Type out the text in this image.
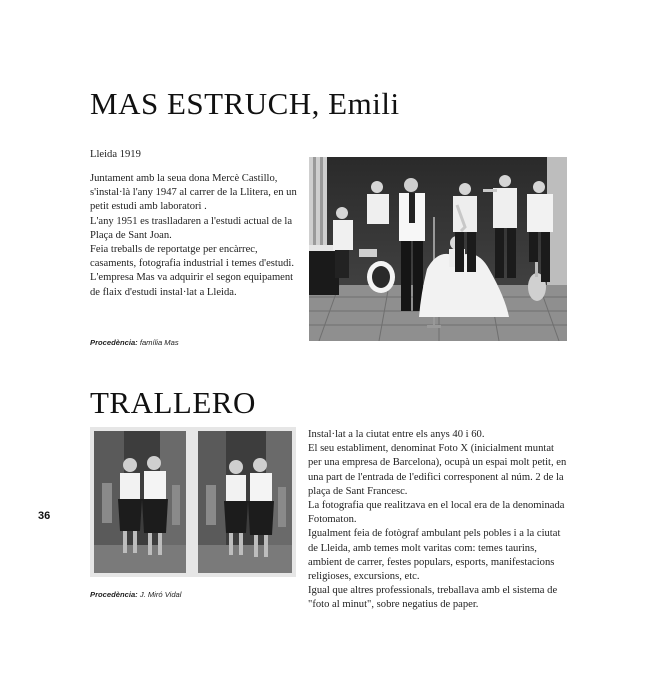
MAS ESTRUCH, Emili
Lleida 1919

Juntament amb la seua dona Mercè Castillo, s'instal·là l'any 1947 al carrer de la Llitera, en un petit estudi amb laboratori .

L'any 1951 es traslladaren a l'estudi actual de la Plaça de Sant Joan.

Feia treballs de reportatge per encàrrec, casaments, fotografia industrial i temes d'estudi.

L'empresa Mas va adquirir el segon equipament de flaix d'estudi instal·lat a Lleida.

Procedència: família Mas
TRALLERO

Instal·lat a la ciutat entre els anys 40 i 60.

El seu establiment, denominat Foto X (inicialment muntat per una empresa de Barcelona), ocupà un espai molt petit, en una part de l'entrada de l'edifici corresponent al núm. 2 de la plaça de Sant Francesc.

La fotografia que realitzava en el local era de la denominada Fotomaton.

Igualment feia de fotògraf ambulant pels pobles i a la ciutat de Lleida, amb temes molt varitas com: temes taurins, ambient de carrer, festes populars, esports, manifestacions religioses, excursions, etc.

Igual que altres professionals, treballava amb el sistema de "foto al minut", sobre negatius de paper.

36
Procedència: J. Miró Vidal
